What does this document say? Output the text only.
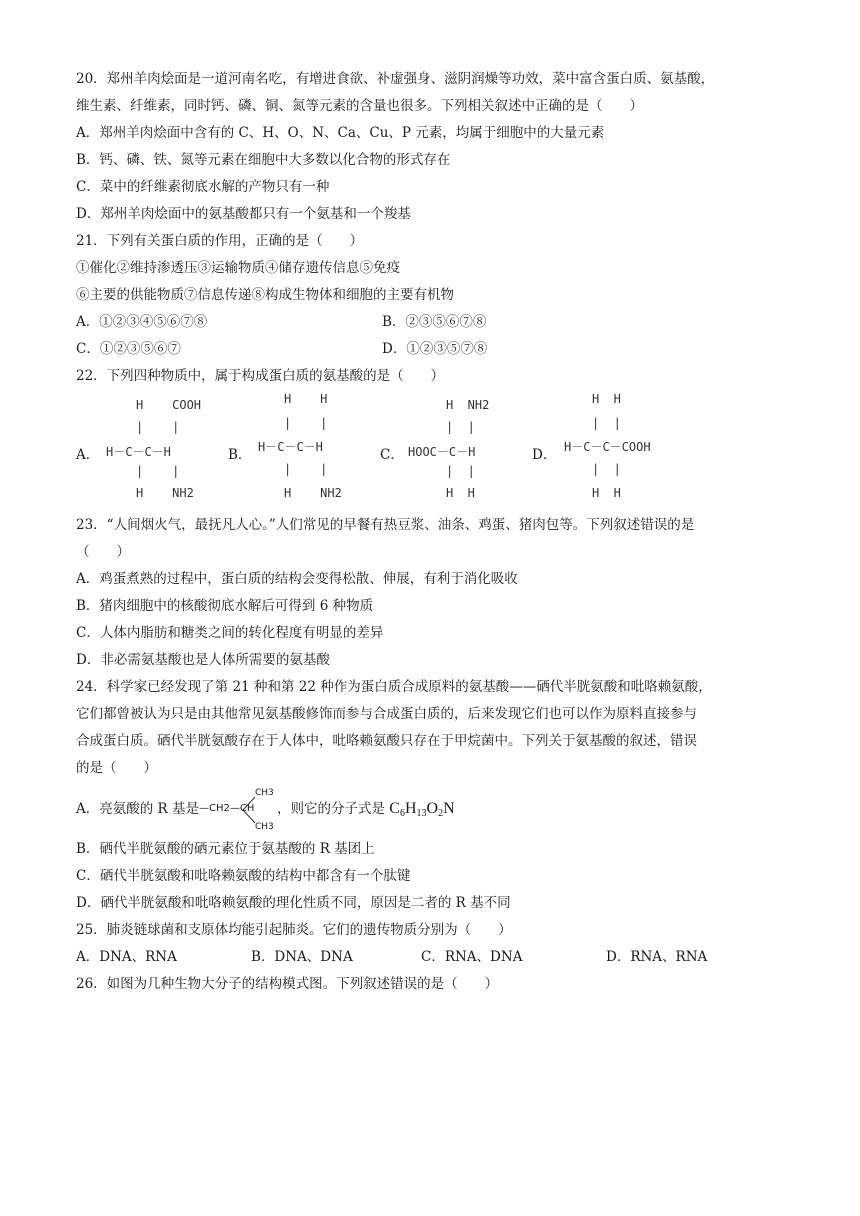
20．郑州羊肉烩面是一道河南名吃，有增进食欲、补虚强身、滋阴润燥等功效，菜中富含蛋白质、氨基酸，
维生素、纤维素，同时钙、磷、铜、氮等元素的含量也很多。下列相关叙述中正确的是（　　）
A．郑州羊肉烩面中含有的 C、H、O、N、Ca、Cu、P 元素，均属于细胞中的大量元素
B．钙、磷、铁、氮等元素在细胞中大多数以化合物的形式存在
C．菜中的纤维素彻底水解的产物只有一种
D．郑州羊肉烩面中的氨基酸都只有一个氨基和一个羧基
21．下列有关蛋白质的作用，正确的是（　　）
①催化②维持渗透压③运输物质④储存遗传信息⑤免疫
⑥主要的供能物质⑦信息传递⑧构成生物体和细胞的主要有机物
A．①②③④⑤⑥⑦⑧	B．②③⑤⑥⑦⑧
C．①②③⑤⑥⑦	D．①②③⑤⑦⑧
22．下列四种物质中，属于构成蛋白质的氨基酸的是（　　）
A．
H    COOH
|    |
H－C－C－H
|    |
H    NH2
B．
H    H
|    |
H－C－C－H
|    |
H    NH2
C．
H  NH2
|  |
HOOC－C－H
|  |
H  H
D．
H  H
|  |
H－C－C－COOH
|  |
H  H
23．“人间烟火气，最抚凡人心。”人们常见的早餐有热豆浆、油条、鸡蛋、猪肉包等。下列叙述错误的是
（　　）
A．鸡蛋煮熟的过程中，蛋白质的结构会变得松散、伸展，有利于消化吸收
B．猪肉细胞中的核酸彻底水解后可得到 6 种物质
C．人体内脂肪和糖类之间的转化程度有明显的差异
D．非必需氨基酸也是人体所需要的氨基酸
24．科学家已经发现了第 21 种和第 22 种作为蛋白质合成原料的氨基酸——硒代半胱氨酸和吡咯赖氨酸，
它们都曾被认为只是由其他常见氨基酸修饰而参与合成蛋白质的，后来发现它们也可以作为原料直接参与
合成蛋白质。硒代半胱氨酸存在于人体中，吡咯赖氨酸只存在于甲烷菌中。下列关于氨基酸的叙述，错误
的是（　　）
A．亮氨酸的 R 基是 —CH2—CH
CH3
CH3
，则它的分子式是 $C_6H_{13}O_2N$
B．硒代半胱氨酸的硒元素位于氨基酸的 R 基团上
C．硒代半胱氨酸和吡咯赖氨酸的结构中都含有一个肽键
D．硒代半胱氨酸和吡咯赖氨酸的理化性质不同，原因是二者的 R 基不同
25．肺炎链球菌和支原体均能引起肺炎。它们的遗传物质分别为（　　）
A．DNA、RNA	B．DNA、DNA	C．RNA、DNA	D．RNA、RNA
26．如图为几种生物大分子的结构模式图。下列叙述错误的是（　　）
